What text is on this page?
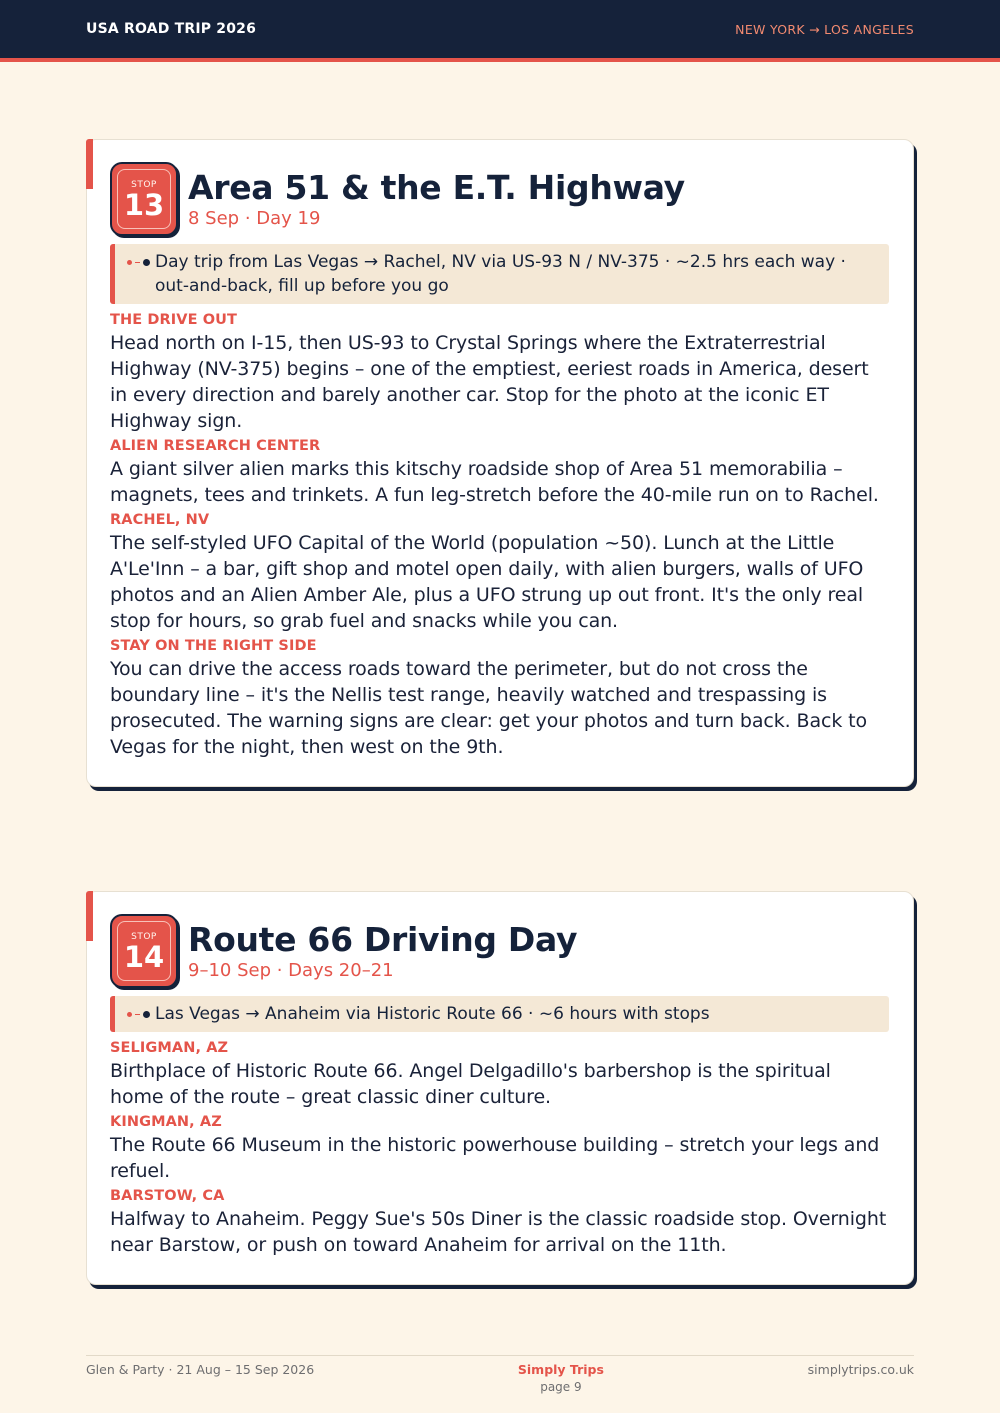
USA ROAD TRIP 2026	NEW YORK → LOS ANGELES
STOP
13 Area 51 & the E.T. Highway
8 Sep · Day 19
Day trip from Las Vegas → Rachel, NV via US-93 N / NV-375 · ~2.5 hrs each way · out-and-back, fill up before you go
THE DRIVE OUT
Head north on I-15, then US-93 to Crystal Springs where the Extraterrestrial Highway (NV-375) begins – one of the emptiest, eeriest roads in America, desert in every direction and barely another car. Stop for the photo at the iconic ET Highway sign.
ALIEN RESEARCH CENTER
A giant silver alien marks this kitschy roadside shop of Area 51 memorabilia – magnets, tees and trinkets. A fun leg-stretch before the 40-mile run on to Rachel.
RACHEL, NV
The self-styled UFO Capital of the World (population ~50). Lunch at the Little A'Le'Inn – a bar, gift shop and motel open daily, with alien burgers, walls of UFO photos and an Alien Amber Ale, plus a UFO strung up out front. It's the only real stop for hours, so grab fuel and snacks while you can.
STAY ON THE RIGHT SIDE
You can drive the access roads toward the perimeter, but do not cross the boundary line – it's the Nellis test range, heavily watched and trespassing is prosecuted. The warning signs are clear: get your photos and turn back. Back to Vegas for the night, then west on the 9th.
STOP
14 Route 66 Driving Day
9–10 Sep · Days 20–21
Las Vegas → Anaheim via Historic Route 66 · ~6 hours with stops
SELIGMAN, AZ
Birthplace of Historic Route 66. Angel Delgadillo's barbershop is the spiritual home of the route – great classic diner culture.
KINGMAN, AZ
The Route 66 Museum in the historic powerhouse building – stretch your legs and refuel.
BARSTOW, CA
Halfway to Anaheim. Peggy Sue's 50s Diner is the classic roadside stop. Overnight near Barstow, or push on toward Anaheim for arrival on the 11th.
Glen & Party · 21 Aug – 15 Sep 2026	Simply Trips
page 9
simplytrips.co.uk
